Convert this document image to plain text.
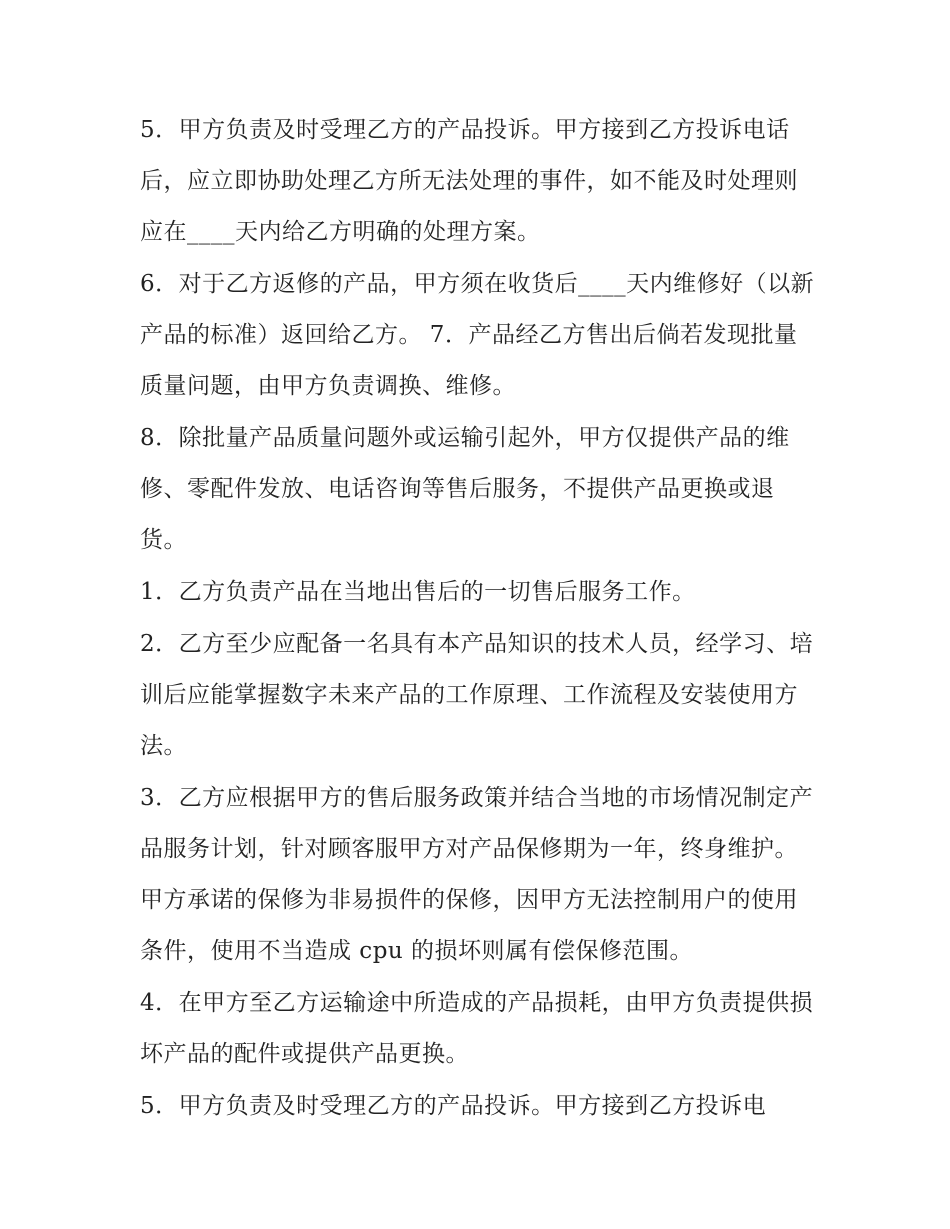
5．甲方负责及时受理乙方的产品投诉。甲方接到乙方投诉电话后，应立即协助处理乙方所无法处理的事件，如不能及时处理则应在____天内给乙方明确的处理方案。

6．对于乙方返修的产品，甲方须在收货后____天内维修好（以新产品的标准）返回给乙方。 7．产品经乙方售出后倘若发现批量质量问题，由甲方负责调换、维修。

8．除批量产品质量问题外或运输引起外，甲方仅提供产品的维修、零配件发放、电话咨询等售后服务，不提供产品更换或退货。

1．乙方负责产品在当地出售后的一切售后服务工作。

2．乙方至少应配备一名具有本产品知识的技术人员，经学习、培训后应能掌握数字未来产品的工作原理、工作流程及安装使用方法。

3．乙方应根据甲方的售后服务政策并结合当地的市场情况制定产品服务计划，针对顾客服甲方对产品保修期为一年，终身维护。甲方承诺的保修为非易损件的保修，因甲方无法控制用户的使用条件，使用不当造成 cpu 的损坏则属有偿保修范围。

4．在甲方至乙方运输途中所造成的产品损耗，由甲方负责提供损坏产品的配件或提供产品更换。

5．甲方负责及时受理乙方的产品投诉。甲方接到乙方投诉电
